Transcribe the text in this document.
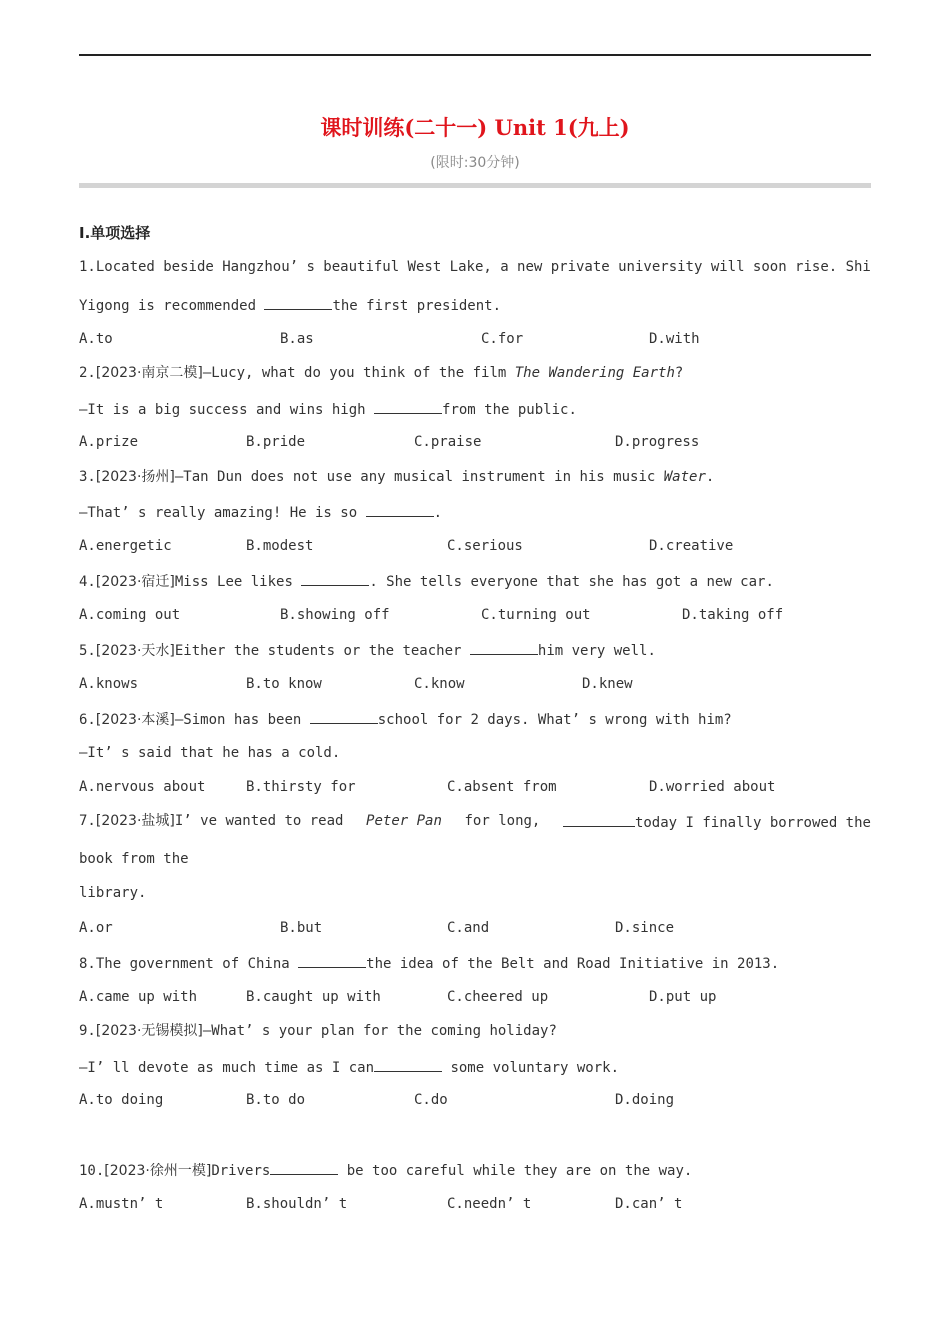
课时训练(二十一) Unit 1(九上)
(限时:30分钟)
Ⅰ.单项选择
1.Located beside Hangzhou’ s beautiful West Lake, a new private university will soon rise. Shi
Yigong is recommended	the first president.
A.to	B.as	C.for	D.with
2.[2023·南京二模]—Lucy, what do you think of the film The Wandering Earth?
—It is a big success and wins high	from the public.
A.prize	B.pride	C.praise	D.progress
3.[2023·扬州]—Tan Dun does not use any musical instrument in his music Water.
—That’ s really amazing! He is so	.
A.energetic	B.modest	C.serious	D.creative
4.[2023·宿迁]Miss Lee likes	. She tells everyone that she has got a new car.
A.coming out	B.showing off	C.turning out	D.taking off
5.[2023·天水]Either the students or the teacher	him very well.
A.knows	B.to know	C.know	D.knew
6.[2023·本溪]—Simon has been	school for 2 days. What’ s wrong with him?
—It’ s said that he has a cold.
A.nervous about	B.thirsty for	C.absent from	D.worried about
7.[2023·盐城]I’ ve wanted to read Peter Pan for long,	today I finally borrowed the
book from the
library.
A.or	B.but	C.and	D.since
8.The government of China	the idea of the Belt and Road Initiative in 2013.
A.came up with	B.caught up with	C.cheered up	D.put up
9.[2023·无锡模拟]—What’ s your plan for the coming holiday?
—I’ ll devote as much time as I can	some voluntary work.
A.to doing	B.to do	C.do	D.doing
10.[2023·徐州一模]Drivers	be too careful while they are on the way.
A.mustn’ t	B.shouldn’ t	C.needn’ t	D.can’ t
